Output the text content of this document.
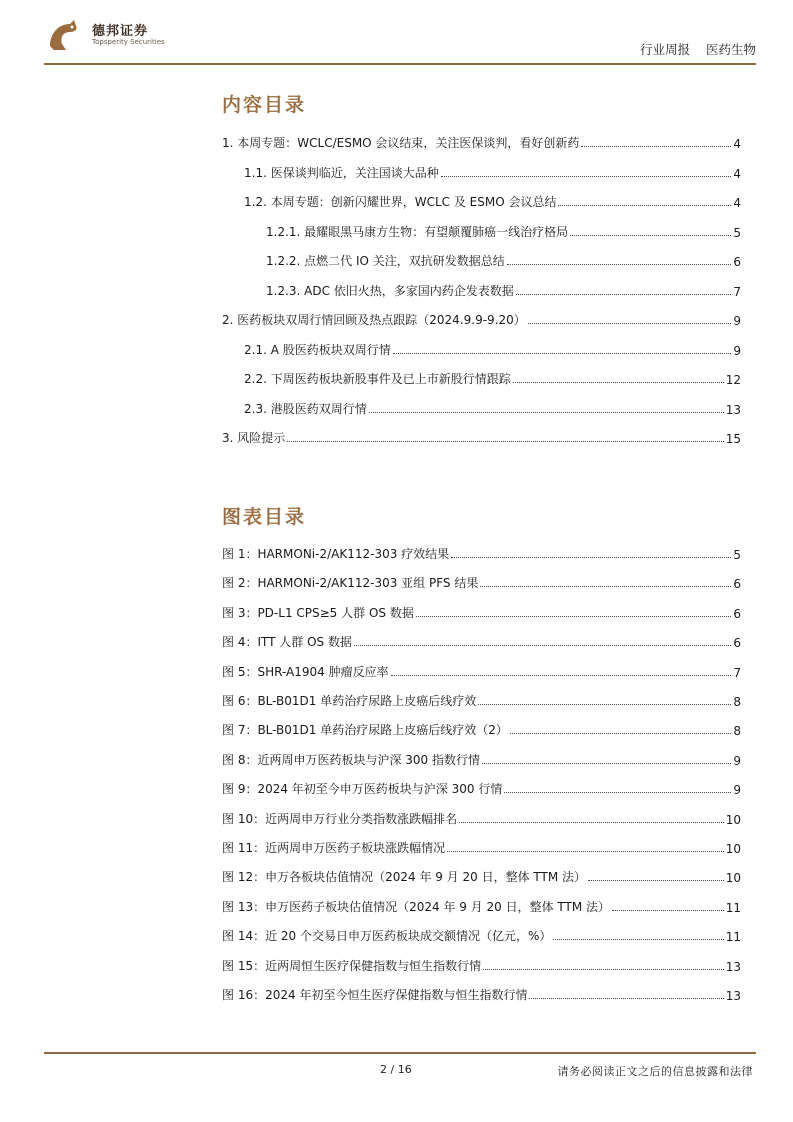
德邦证券
Topsperity Securities	行业周报 医药生物
内容目录
1. 本周专题：WCLC/ESMO 会议结束，关注医保谈判，看好创新药	4
1.1. 医保谈判临近，关注国谈大品种	4
1.2. 本周专题：创新闪耀世界，WCLC 及 ESMO 会议总结	4
1.2.1. 最耀眼黑马康方生物：有望颠覆肺癌一线治疗格局	5
1.2.2. 点燃二代 IO 关注，双抗研发数据总结	6
1.2.3. ADC 依旧火热，多家国内药企发表数据	7
2. 医药板块双周行情回顾及热点跟踪（2024.9.9-9.20）	9
2.1. A 股医药板块双周行情	9
2.2. 下周医药板块新股事件及已上市新股行情跟踪	12
2.3. 港股医药双周行情	13
3. 风险提示	15
图表目录
图 1：HARMONi-2/AK112-303 疗效结果	5
图 2：HARMONi-2/AK112-303 亚组 PFS 结果	6
图 3：PD-L1 CPS≥5 人群 OS 数据	6
图 4：ITT 人群 OS 数据	6
图 5：SHR-A1904 肿瘤反应率	7
图 6：BL-B01D1 单药治疗尿路上皮癌后线疗效	8
图 7：BL-B01D1 单药治疗尿路上皮癌后线疗效（2）	8
图 8：近两周申万医药板块与沪深 300 指数行情	9
图 9：2024 年初至今申万医药板块与沪深 300 行情	9
图 10：近两周申万行业分类指数涨跌幅排名	10
图 11：近两周申万医药子板块涨跌幅情况	10
图 12：申万各板块估值情况（2024 年 9 月 20 日，整体 TTM 法）	10
图 13：申万医药子板块估值情况（2024 年 9 月 20 日，整体 TTM 法）	11
图 14：近 20 个交易日申万医药板块成交额情况（亿元，%）	11
图 15：近两周恒生医疗保健指数与恒生指数行情	13
图 16：2024 年初至今恒生医疗保健指数与恒生指数行情	13
2 / 16	请务必阅读正文之后的信息披露和法律
